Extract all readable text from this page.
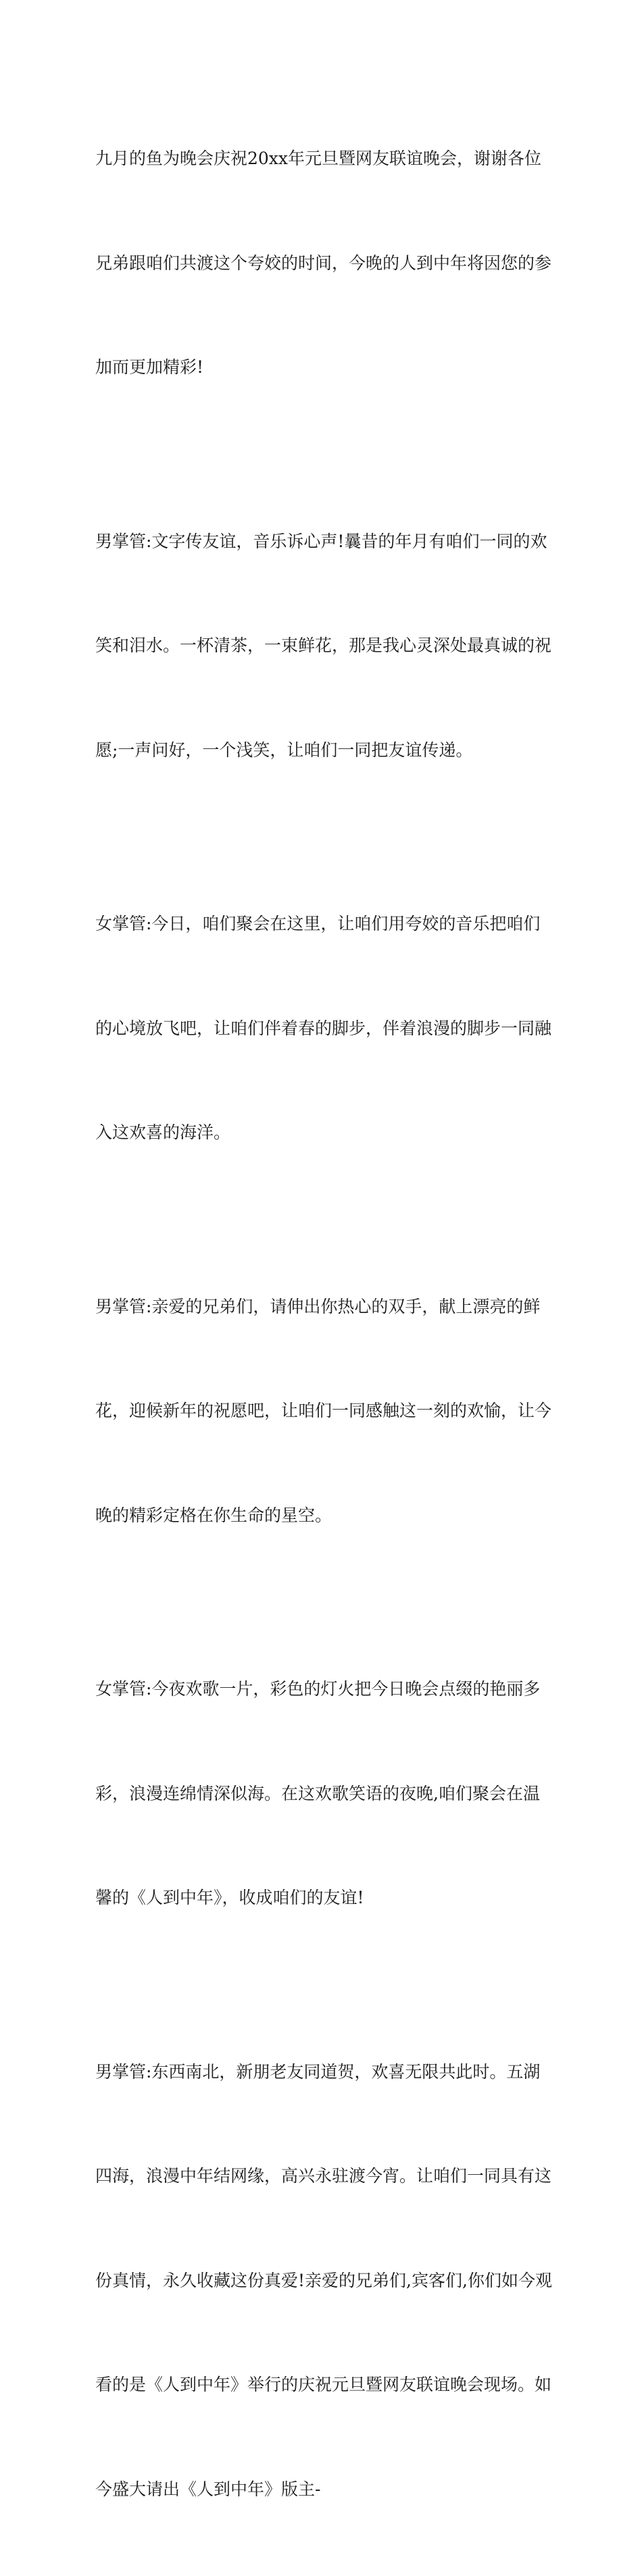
九月的鱼为晚会庆祝20xx年元旦暨网友联谊晚会，谢谢各位

兄弟跟咱们共渡这个夸姣的时间，今晚的人到中年将因您的参

加而更加精彩!

男掌管:文字传友谊，音乐诉心声!曩昔的年月有咱们一同的欢

笑和泪水。一杯清茶，一束鲜花，那是我心灵深处最真诚的祝

愿;一声问好，一个浅笑，让咱们一同把友谊传递。

女掌管:今日，咱们聚会在这里，让咱们用夸姣的音乐把咱们

的心境放飞吧，让咱们伴着春的脚步，伴着浪漫的脚步一同融

入这欢喜的海洋。

男掌管:亲爱的兄弟们，请伸出你热心的双手，献上漂亮的鲜

花，迎候新年的祝愿吧，让咱们一同感触这一刻的欢愉，让今

晚的精彩定格在你生命的星空。

女掌管:今夜欢歌一片，彩色的灯火把今日晚会点缀的艳丽多

彩，浪漫连绵情深似海。在这欢歌笑语的夜晚,咱们聚会在温

馨的《人到中年》，收成咱们的友谊!

男掌管:东西南北，新朋老友同道贺，欢喜无限共此时。五湖

四海，浪漫中年结网缘，高兴永驻渡今宵。让咱们一同具有这

份真情，永久收藏这份真爱!亲爱的兄弟们,宾客们,你们如今观

看的是《人到中年》举行的庆祝元旦暨网友联谊晚会现场。如

今盛大请出《人到中年》版主-
